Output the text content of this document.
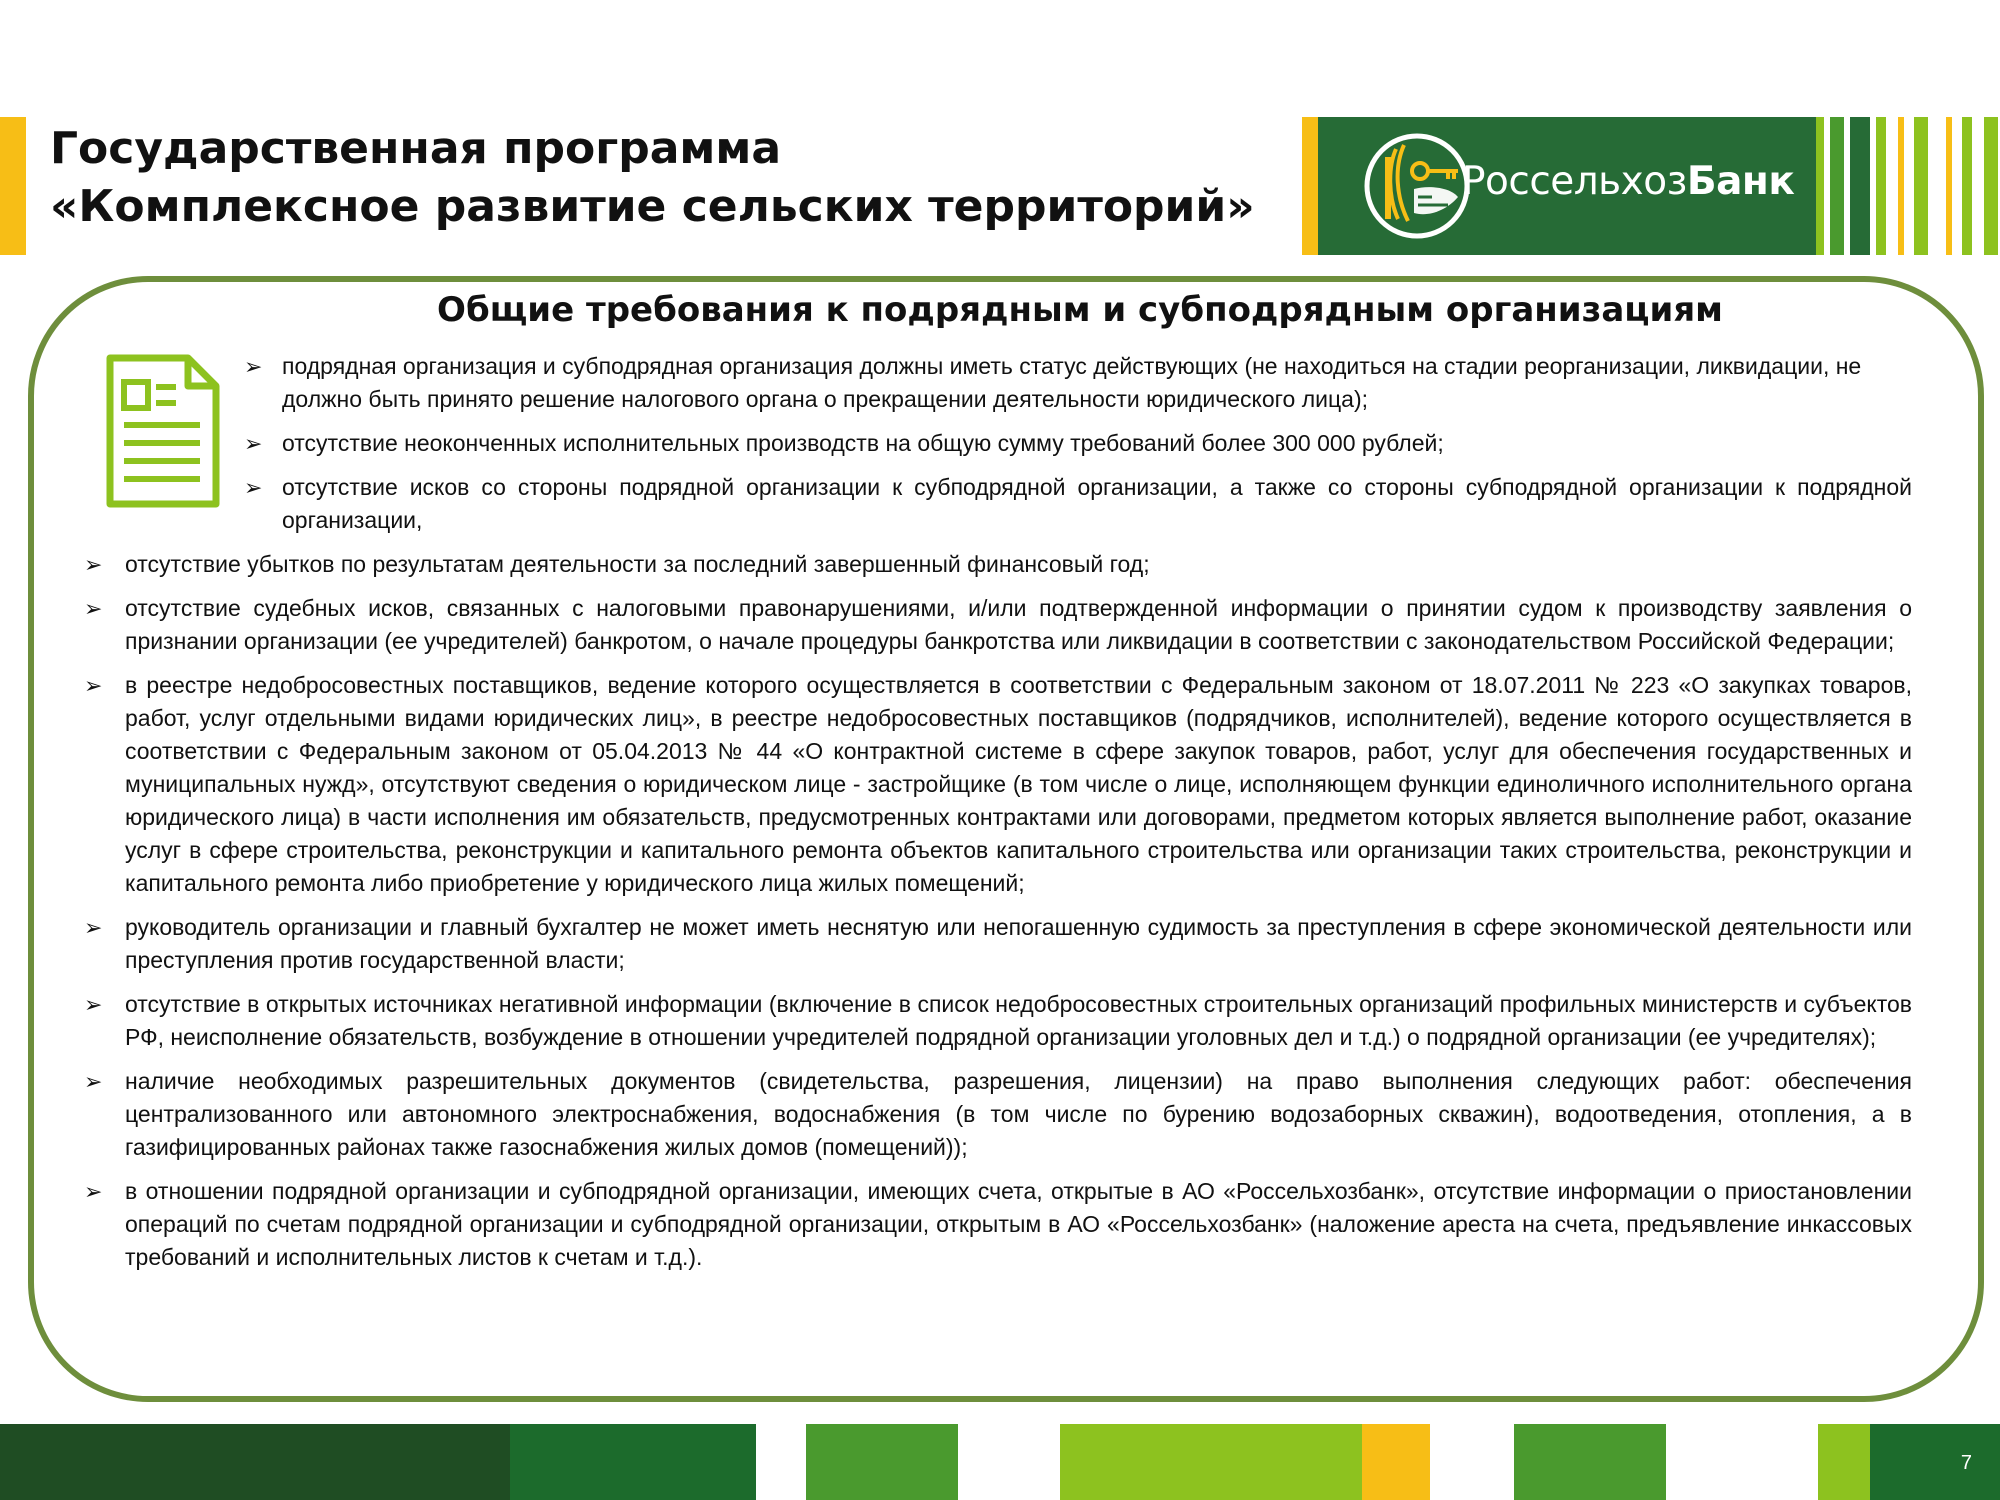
Государственная программа
«Комплексное развитие сельских территорий»	РоссельхозБанк
Общие требования к подрядным и субподрядным организациям
➢ подрядная организация и субподрядная организация должны иметь статус действующих (не находиться на стадии реорганизации, ликвидации, не должно быть принято решение налогового органа о прекращении деятельности юридического лица);
➢ отсутствие неоконченных исполнительных производств на общую сумму требований более 300 000 рублей;
➢ отсутствие исков со стороны подрядной организации к субподрядной организации, а также со стороны субподрядной организации к подрядной организации,
➢ отсутствие убытков по результатам деятельности за последний завершенный финансовый год;
➢ отсутствие судебных исков, связанных с налоговыми правонарушениями, и/или подтвержденной информации о принятии судом к производству заявления о признании организации (ее учредителей) банкротом, о начале процедуры банкротства или ликвидации в соответствии с законодательством Российской Федерации;
➢ в реестре недобросовестных поставщиков, ведение которого осуществляется в соответствии с Федеральным законом от 18.07.2011 № 223 «О закупках товаров, работ, услуг отдельными видами юридических лиц», в реестре недобросовестных поставщиков (подрядчиков, исполнителей), ведение которого осуществляется в соответствии с Федеральным законом от 05.04.2013 № 44 «О контрактной системе в сфере закупок товаров, работ, услуг для обеспечения государственных и муниципальных нужд», отсутствуют сведения о юридическом лице - застройщике (в том числе о лице, исполняющем функции единоличного исполнительного органа юридического лица) в части исполнения им обязательств, предусмотренных контрактами или договорами, предметом которых является выполнение работ, оказание услуг в сфере строительства, реконструкции и капитального ремонта объектов капитального строительства или организации таких строительства, реконструкции и капитального ремонта либо приобретение у юридического лица жилых помещений;
➢ руководитель организации и главный бухгалтер не может иметь неснятую или непогашенную судимость за преступления в сфере экономической деятельности или преступления против государственной власти;
➢ отсутствие в открытых источниках негативной информации (включение в список недобросовестных строительных организаций профильных министерств и субъектов РФ, неисполнение обязательств, возбуждение в отношении учредителей подрядной организации уголовных дел и т.д.) о подрядной организации (ее учредителях);
➢ наличие необходимых разрешительных документов (свидетельства, разрешения, лицензии) на право выполнения следующих работ: обеспечения централизованного или автономного электроснабжения, водоснабжения (в том числе по бурению водозаборных скважин), водоотведения, отопления, а в газифицированных районах также газоснабжения жилых домов (помещений));
➢ в отношении подрядной организации и субподрядной организации, имеющих счета, открытые в АО «Россельхозбанк», отсутствие информации о приостановлении операций по счетам подрядной организации и субподрядной организации, открытым в АО «Россельхозбанк» (наложение ареста на счета, предъявление инкассовых требований и исполнительных листов к счетам и т.д.).
7
